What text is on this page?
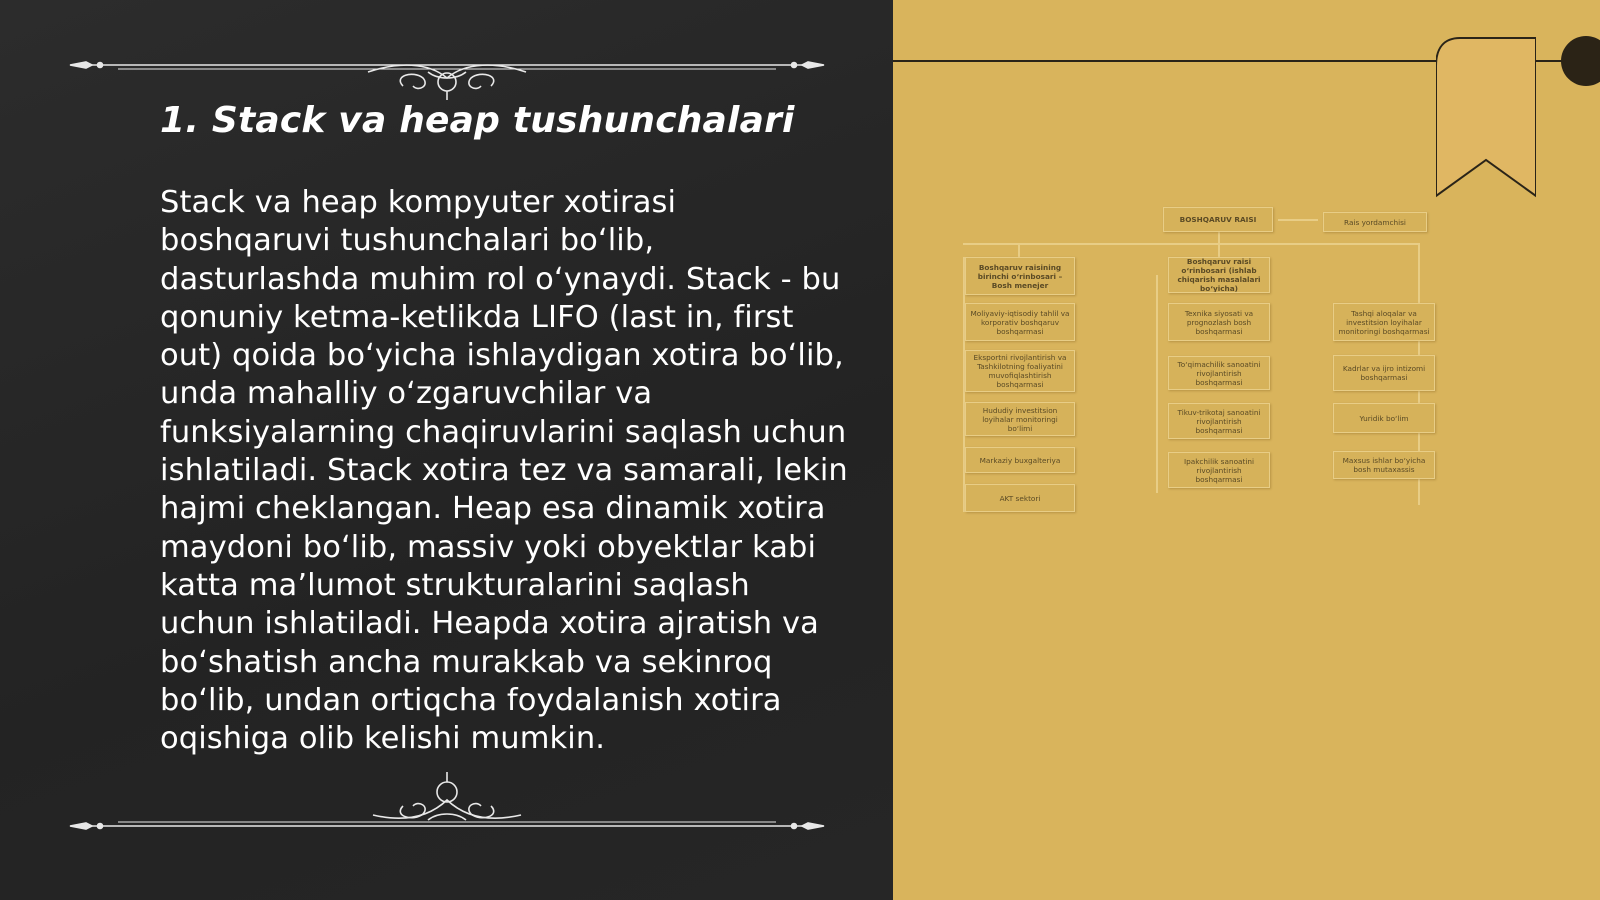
1. Stack va heap tushunchalari

Stack va heap kompyuter xotirasi boshqaruvi tushunchalari bo‘lib, dasturlashda muhim rol o‘ynaydi. Stack - bu qonuniy ketma-ketlikda LIFO (last in, first out) qoida bo‘yicha ishlaydigan xotira bo‘lib, unda mahalliy o‘zgaruvchilar va funksiyalarning chaqiruvlarini saqlash uchun ishlatiladi. Stack xotira tez va samarali, lekin hajmi cheklangan. Heap esa dinamik xotira maydoni bo‘lib, massiv yoki obyektlar kabi katta ma’lumot strukturalarini saqlash uchun ishlatiladi. Heapda xotira ajratish va bo‘shatish ancha murakkab va sekinroq bo‘lib, undan ortiqcha foydalanish xotira oqishiga olib kelishi mumkin.

BOSHQARUV RAISI	Rais yordamchisi
Boshqaruv raisining birinchi o‘rinbosari – Bosh menejer
Moliyaviy-iqtisodiy tahlil va korporativ boshqaruv boshqarmasi
Eksportni rivojlantirish va Tashkilotning foaliyatini muvofiqlashtirish boshqarmasi
Hududiy investitsion loyihalar monitoringi bo‘limi
Markaziy buxgalteriya
AKT sektori
Boshqaruv raisi o‘rinbosari (ishlab chiqarish masalalari bo‘yicha)
Texnika siyosati va prognozlash bosh boshqarmasi
To‘qimachilik sanoatini rivojlantirish boshqarmasi
Tikuv-trikotaj sanoatini rivojlantirish boshqarmasi
Ipakchilik sanoatini rivojlantirish boshqarmasi
Tashqi aloqalar va investitsion loyihalar monitoringi boshqarmasi
Kadrlar va ijro intizomi boshqarmasi
Yuridik bo‘lim
Maxsus ishlar bo‘yicha bosh mutaxassis
